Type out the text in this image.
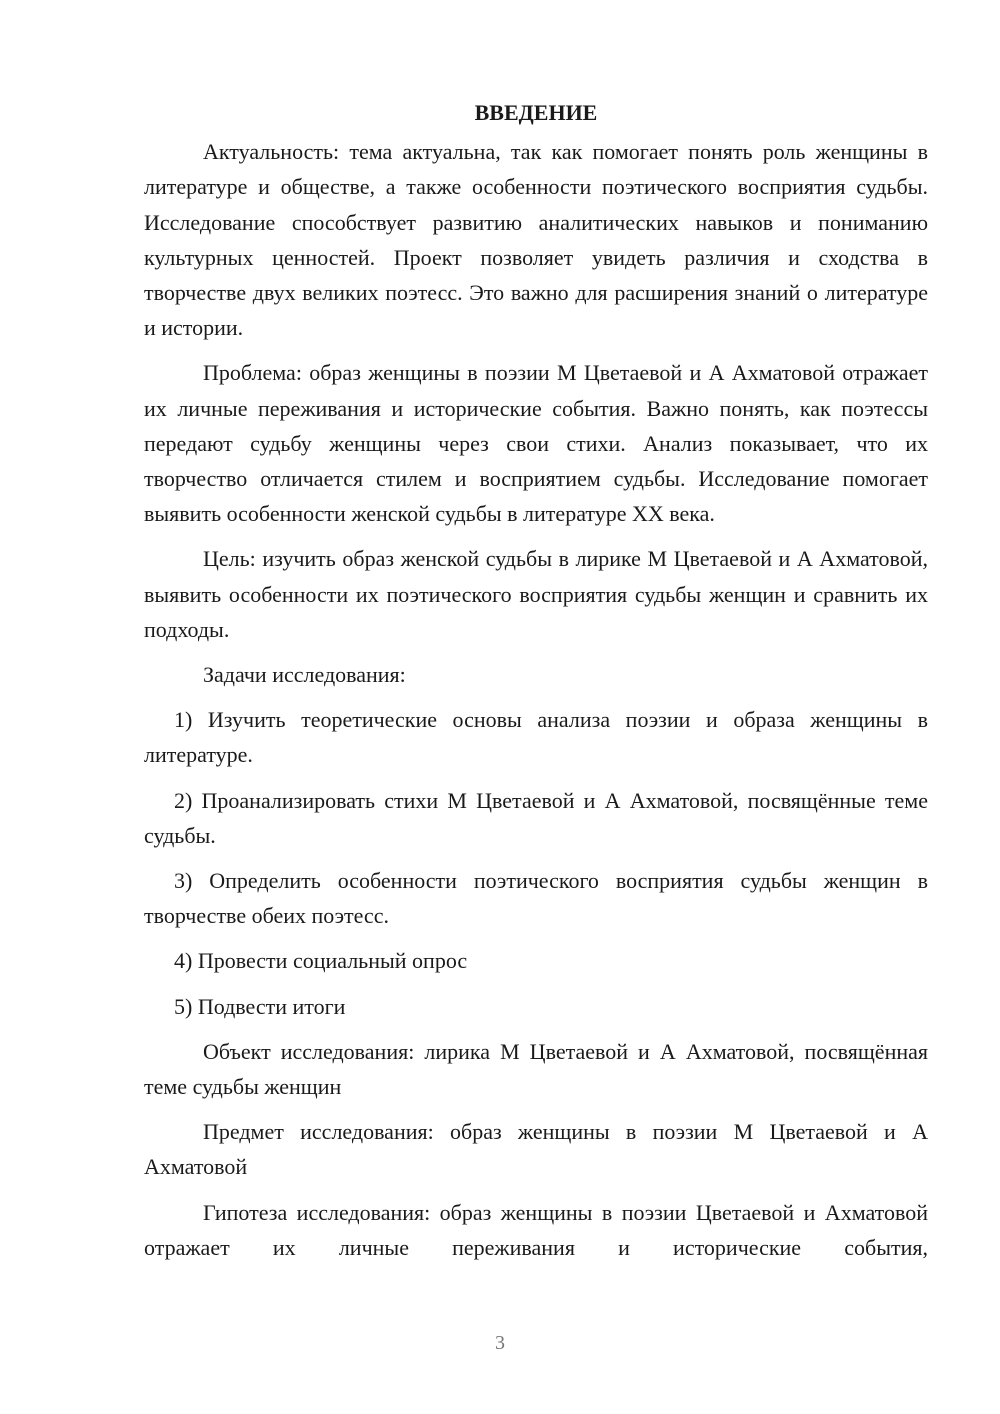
ВВЕДЕНИЕ

Актуальность: тема актуальна, так как помогает понять роль женщины в литературе и обществе, а также особенности поэтического восприятия судьбы. Исследование способствует развитию аналитических навыков и пониманию культурных ценностей. Проект позволяет увидеть различия и сходства в творчестве двух великих поэтесс. Это важно для расширения знаний о литературе и истории.

Проблема: образ женщины в поэзии М Цветаевой и А Ахматовой отражает их личные переживания и исторические события. Важно понять, как поэтессы передают судьбу женщины через свои стихи. Анализ показывает, что их творчество отличается стилем и восприятием судьбы. Исследование помогает выявить особенности женской судьбы в литературе XX века.

Цель: изучить образ женской судьбы в лирике М Цветаевой и А Ахматовой, выявить особенности их поэтического восприятия судьбы женщин и сравнить их подходы.

Задачи исследования:

1) Изучить теоретические основы анализа поэзии и образа женщины в литературе.

2) Проанализировать стихи М Цветаевой и А Ахматовой, посвящённые теме судьбы.

3) Определить особенности поэтического восприятия судьбы женщин в творчестве обеих поэтесс.

4) Провести социальный опрос

5) Подвести итоги

Объект исследования: лирика М Цветаевой и А Ахматовой, посвящённая теме судьбы женщин

Предмет исследования: образ женщины в поэзии М Цветаевой и А Ахматовой

Гипотеза исследования: образ женщины в поэзии Цветаевой и Ахматовой отражает их личные переживания и исторические события,

3
